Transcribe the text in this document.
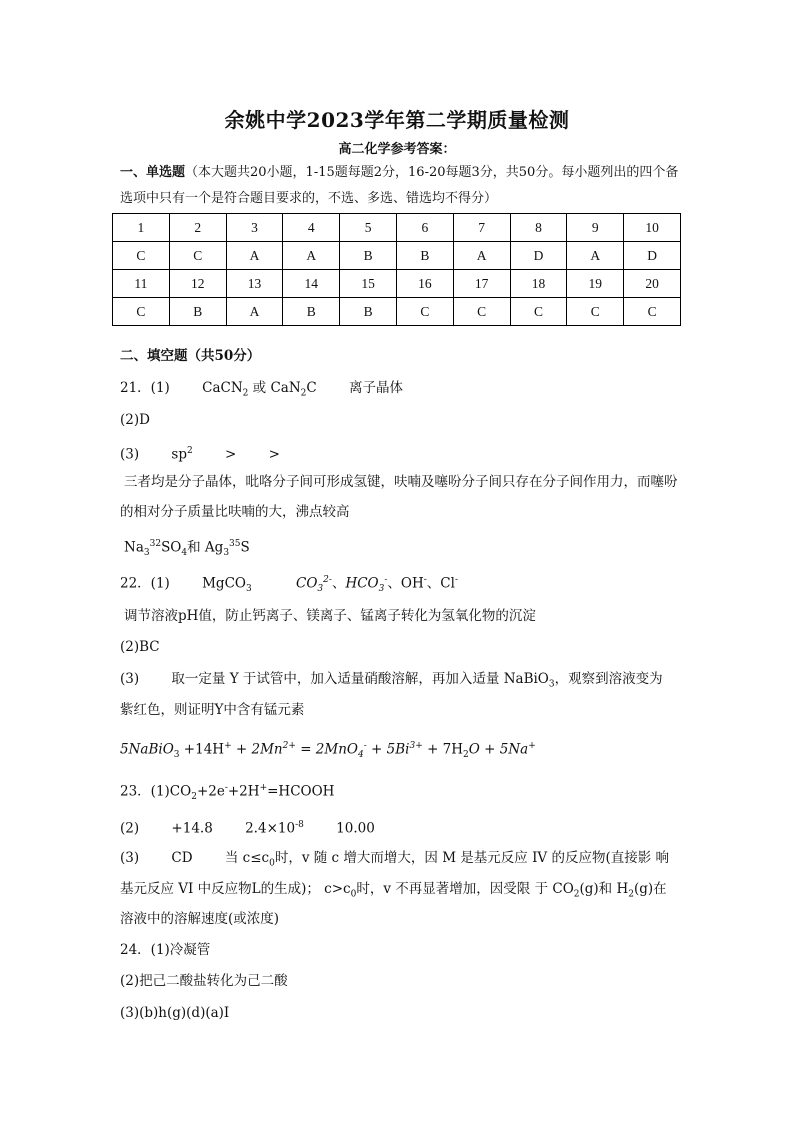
余姚中学2023学年第二学期质量检测
高二化学参考答案：
一、单选题（本大题共20小题，1-15题每题2分，16-20每题3分，共50分。每小题列出的四个备选项中只有一个是符合题目要求的，不选、多选、错选均不得分）
1	2	3	4	5	6	7	8	9	10
C	C	A	A	B	B	A	D	A	D
11	12	13	14	15	16	17	18	19	20
C	B	A	B	B	C	C	C	C	C
二、填空题（共50分）
21．(1) CaCN$_2$ 或 CaN$_2$C 离子晶体
(2)D
(3) $sp^2$ > >
三者均是分子晶体，吡咯分子间可形成氢键，呋喃及噻吩分子间只存在分子间作用力，而噻吩的相对分子质量比呋喃的大，沸点较高
$Na_3^{32}SO_4$和 $Ag_3^{35}S$
22．(1) MgCO$_3$	$CO_3^{2-}$、$HCO_3^-$、OH-、Cl-
调节溶液pH值，防止钙离子、镁离子、锰离子转化为氢氧化物的沉淀
(2)BC
(3) 取一定量 Y 于试管中，加入适量硝酸溶解，再加入适量 NaBiO$_3$，观察到溶液变为
紫红色，则证明Y中含有锰元素
5NaBiO$_3$ $+14H^+ + 2Mn^{2+} = 2MnO_4^- + 5Bi^{3+} + 7H_2O + 5Na^+$
23．$(1)CO_2+2e^-+2H^+=HCOOH$
(2) +14.8 $2.4\times 10^{-8}$ 10.00
(3) CD 当 $c\le c_0$时，v 随 c 增大而增大，因 M 是基元反应 IV 的反应物(直接影 响
基元反应 VI 中反应物L的生成)； $c>c_0$时，v 不再显著增加，因受限 于 $CO_2(g)$和 $H_2(g)$在
溶液中的溶解速度(或浓度)
24．(1)冷凝管
(2)把己二酸盐转化为己二酸
(3)(b)h(g)(d)(a)I
